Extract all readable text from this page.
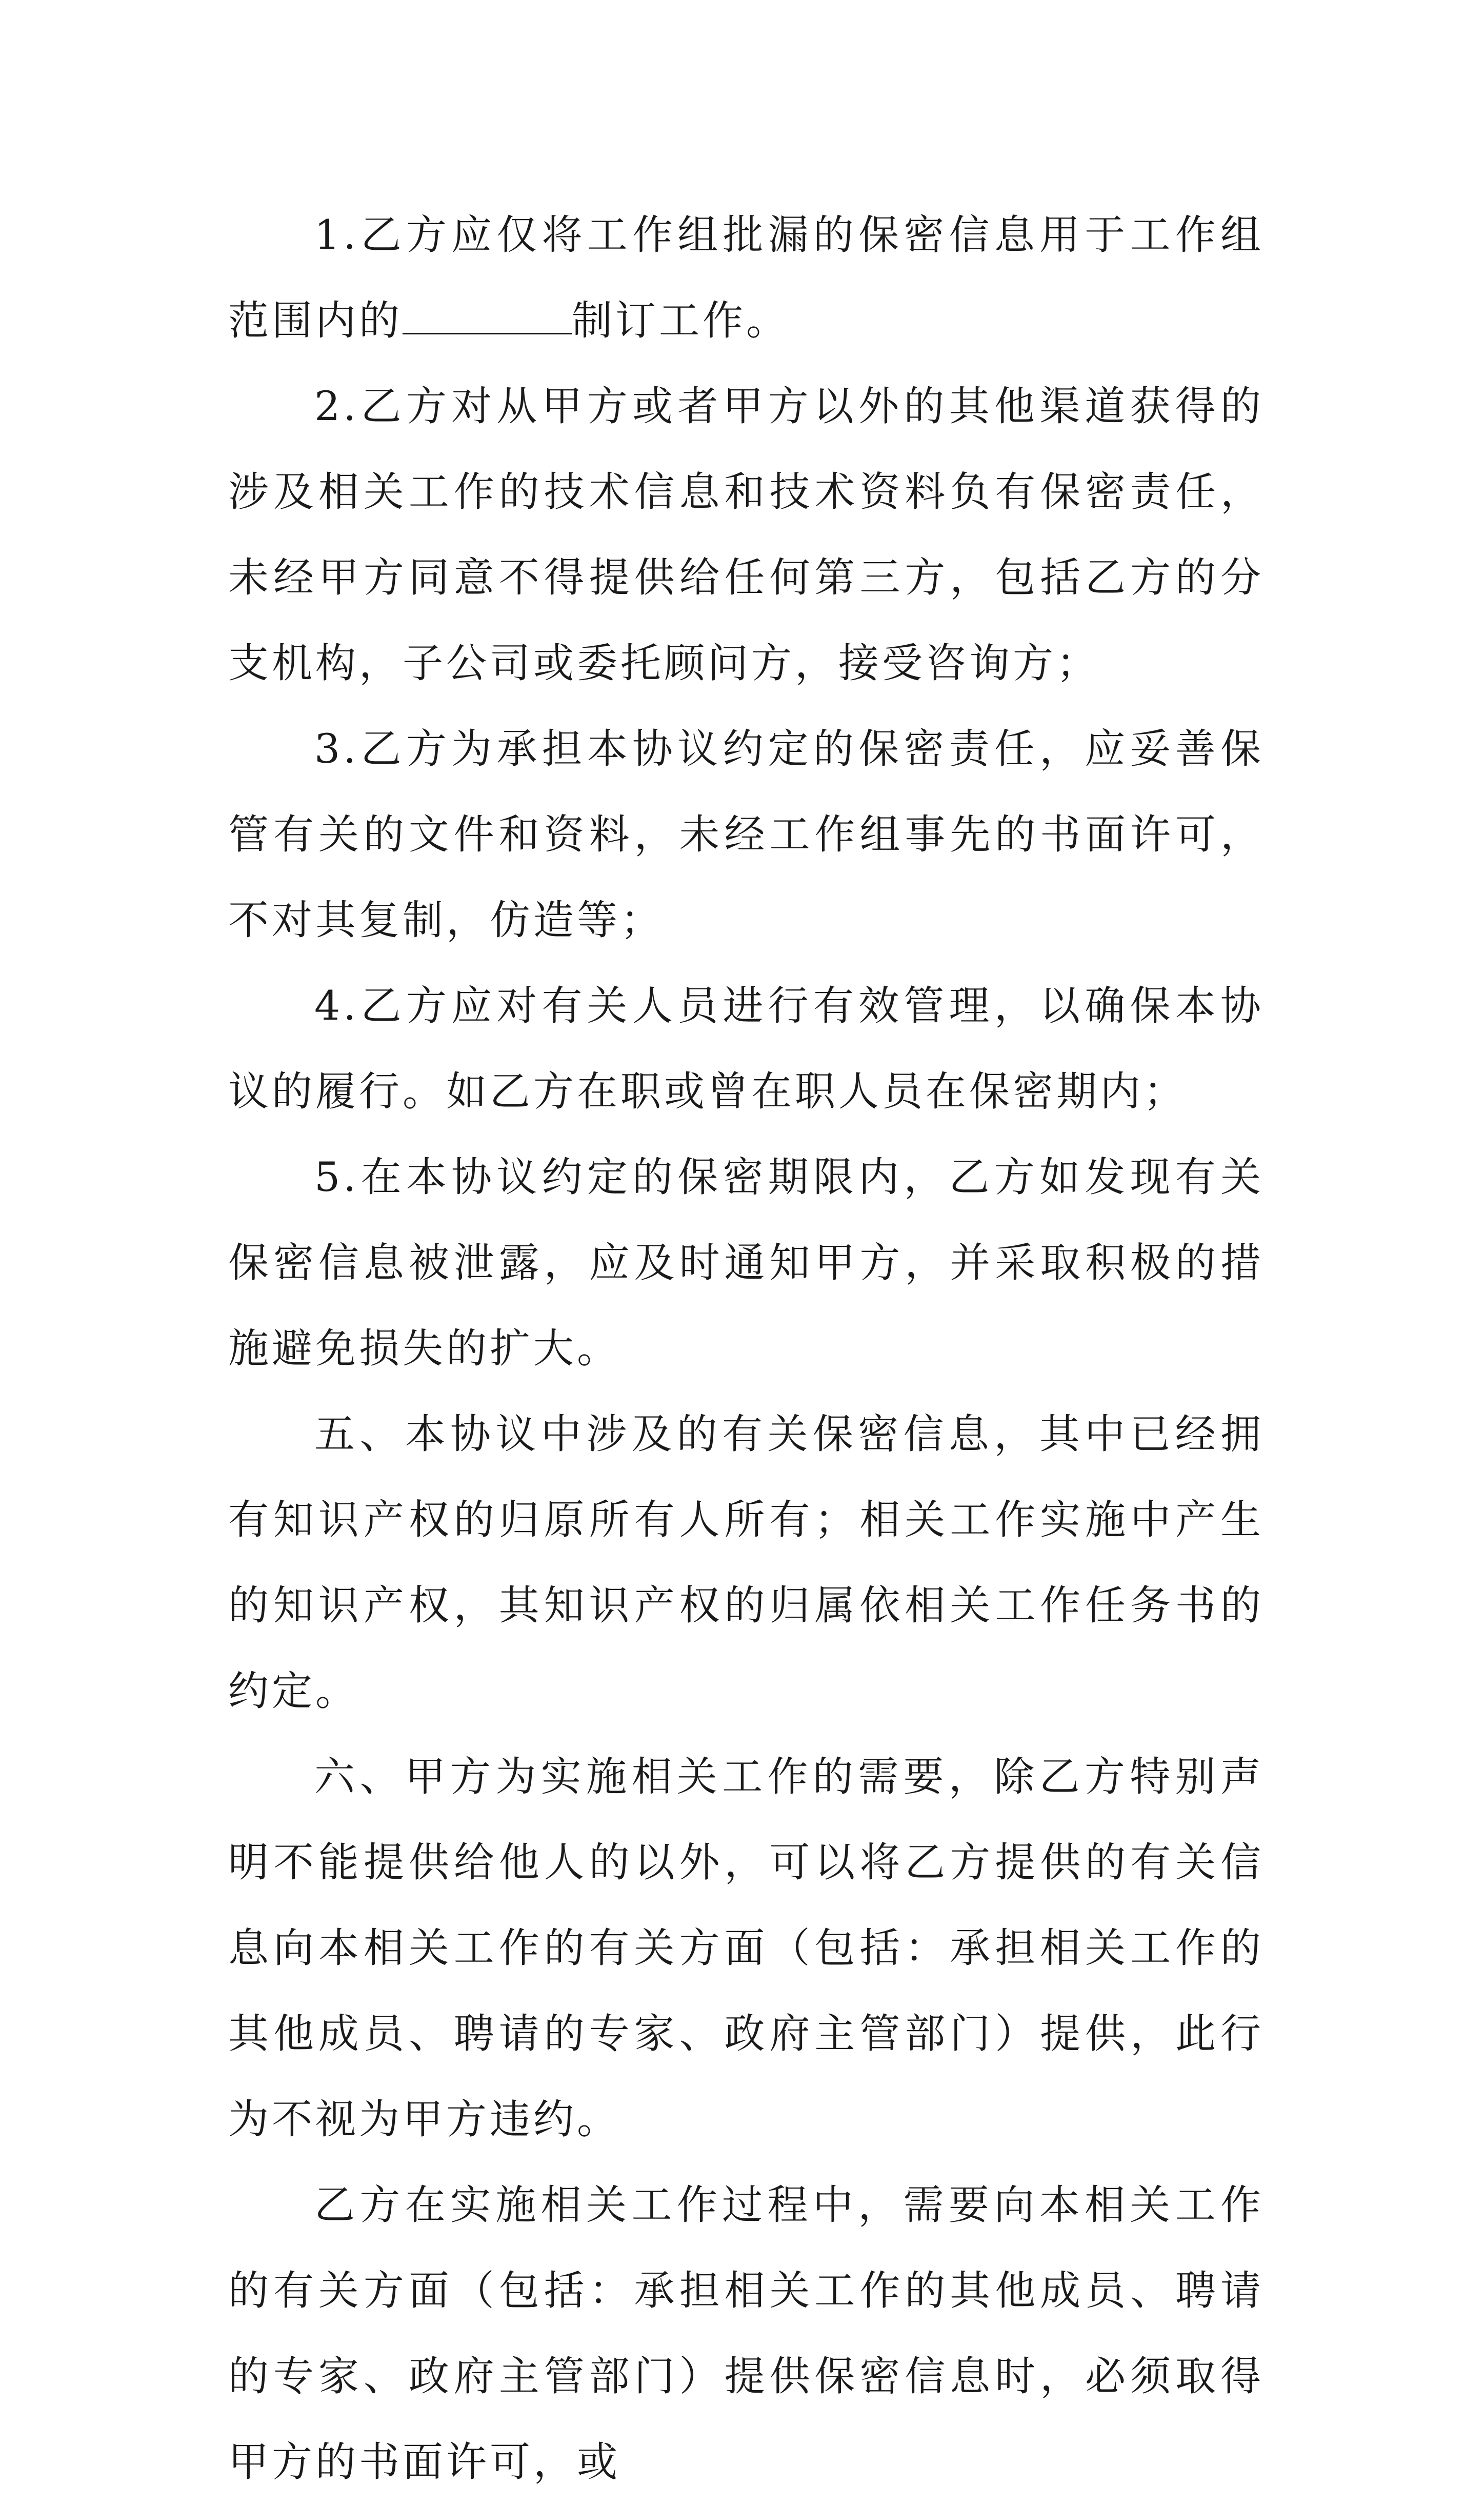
1.乙方应仅将工作组批漏的保密信息用于工作组范围内的	制订工作。

2.乙方对从甲方或者甲方以外的其他渠道获得的涉及相关工作的技术信息和技术资料负有保密责任，未经甲方同意不得提供给任何第三方，包括乙方的分支机构，子公司或委托顾问方，接受咨询方；

3.乙方为承担本协议约定的保密责任，应妥善保管有关的文件和资料，未经工作组事先的书面许可，不对其复制，仿造等；

4.乙方应对有关人员进行有效管理，以确保本协议的履行。如乙方在职或曾在职人员在保密期内；

5.在本协议约定的保密期限内，乙方如发现有关保密信息被泄露，应及时通知甲方，并采取积极的措施避免损失的扩大。

五、本协议中涉及的有关保密信息，其中已经拥有知识产权的归原所有人所有；相关工作实施中产生的知识产权，其知识产权的归属依相关工作任务书的约定。

六、甲方为实施相关工作的需要，除乙方特别声明不能提供给他人的以外，可以将乙方提供的有关信息向本相关工作的有关方面（包括：承担相关工作的其他成员、聘请的专家、政府主管部门）提供，此行为不视为甲方违约。

乙方在实施相关工作过程中，需要向本相关工作的有关方面（包括：承担相关工作的其他成员、聘请的专家、政府主管部门）提供保密信息时，必须取得甲方的书面许可，或
